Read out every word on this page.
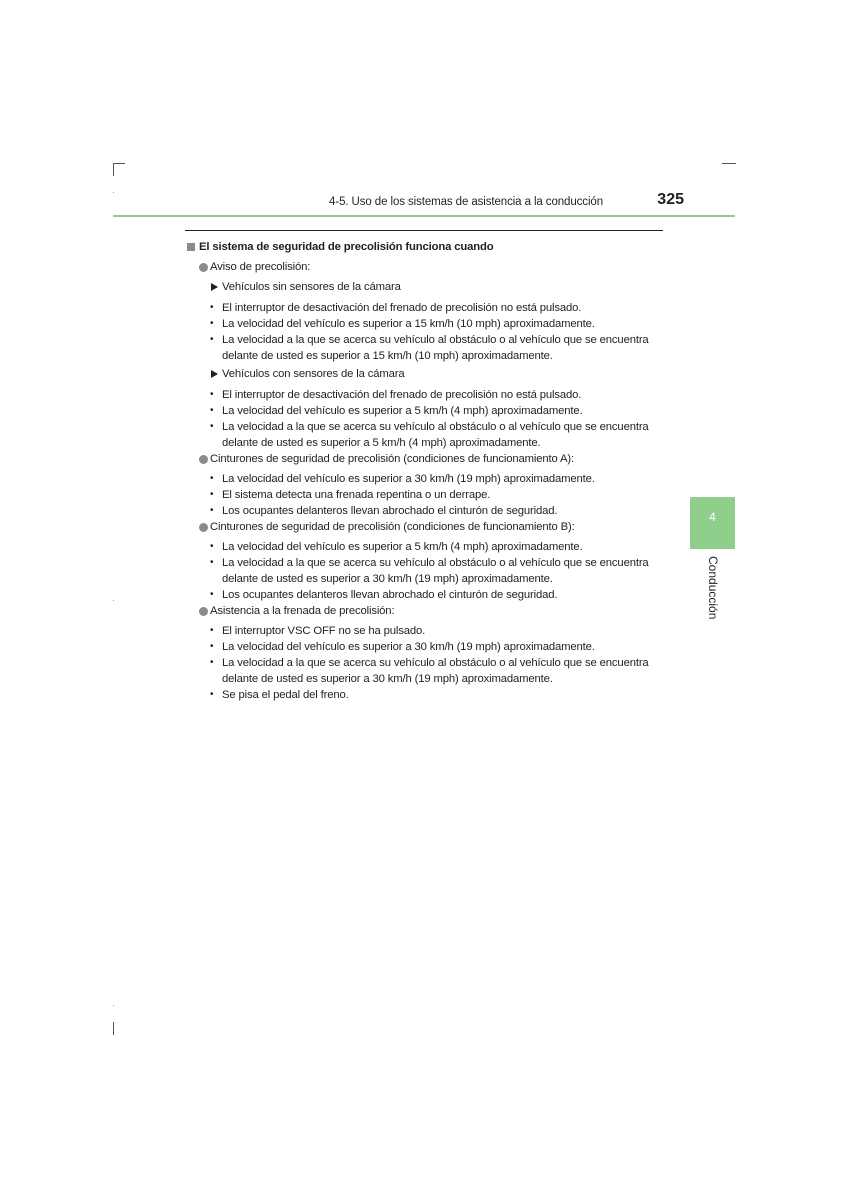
4-5. Uso de los sistemas de asistencia a la conducción	325
4
Conducción
El sistema de seguridad de precolisión funciona cuando
Aviso de precolisión:
Vehículos sin sensores de la cámara
• El interruptor de desactivación del frenado de precolisión no está pulsado.
• La velocidad del vehículo es superior a 15 km/h (10 mph) aproximadamente.
• La velocidad a la que se acerca su vehículo al obstáculo o al vehículo que se encuentra delante de usted es superior a 15 km/h (10 mph) aproximadamente.
Vehículos con sensores de la cámara
• El interruptor de desactivación del frenado de precolisión no está pulsado.
• La velocidad del vehículo es superior a 5 km/h (4 mph) aproximadamente.
• La velocidad a la que se acerca su vehículo al obstáculo o al vehículo que se encuentra delante de usted es superior a 5 km/h (4 mph) aproximadamente.
Cinturones de seguridad de precolisión (condiciones de funcionamiento A):
• La velocidad del vehículo es superior a 30 km/h (19 mph) aproximadamente.
• El sistema detecta una frenada repentina o un derrape.
• Los ocupantes delanteros llevan abrochado el cinturón de seguridad.
Cinturones de seguridad de precolisión (condiciones de funcionamiento B):
• La velocidad del vehículo es superior a 5 km/h (4 mph) aproximadamente.
• La velocidad a la que se acerca su vehículo al obstáculo o al vehículo que se encuentra delante de usted es superior a 30 km/h (19 mph) aproximadamente.
• Los ocupantes delanteros llevan abrochado el cinturón de seguridad.
Asistencia a la frenada de precolisión:
• El interruptor VSC OFF no se ha pulsado.
• La velocidad del vehículo es superior a 30 km/h (19 mph) aproximadamente.
• La velocidad a la que se acerca su vehículo al obstáculo o al vehículo que se encuentra delante de usted es superior a 30 km/h (19 mph) aproximadamente.
• Se pisa el pedal del freno.
